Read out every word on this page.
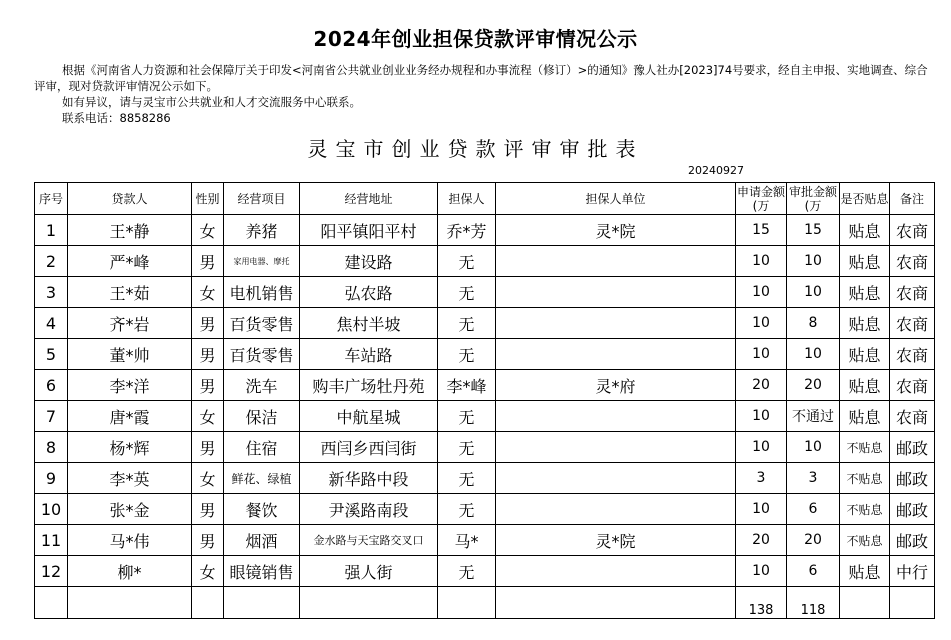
2024年创业担保贷款评审情况公示

根据《河南省人力资源和社会保障厅关于印发<河南省公共就业创业业务经办规程和办事流程（修订）>的通知》豫人社办[2023]74号要求，经自主申报、实地调查、综合评审，现对贷款评审情况公示如下。

如有异议，请与灵宝市公共就业和人才交流服务中心联系。

联系电话：8858286

灵宝市创业贷款评审审批表
20240927
序号	贷款人	性别	经营项目	经营地址	担保人	担保人单位	申请金额(万	审批金额(万	是否贴息	备注
1	王*静	女	养猪	阳平镇阳平村	乔*芳	灵*院	15	15	贴息	农商
2	严*峰	男	家用电器、摩托	建设路	无		10	10	贴息	农商
3	王*茹	女	电机销售	弘农路	无		10	10	贴息	农商
4	齐*岩	男	百货零售	焦村半坡	无		10	8	贴息	农商
5	董*帅	男	百货零售	车站路	无		10	10	贴息	农商
6	李*洋	男	洗车	购丰广场牡丹苑	李*峰	灵*府	20	20	贴息	农商
7	唐*霞	女	保洁	中航星城	无		10	不通过	贴息	农商
8	杨*辉	男	住宿	西闫乡西闫街	无		10	10	不贴息	邮政
9	李*英	女	鲜花、绿植	新华路中段	无		3	3	不贴息	邮政
10	张*金	男	餐饮	尹溪路南段	无		10	6	不贴息	邮政
11	马*伟	男	烟酒	金水路与天宝路交叉口	马*	灵*院	20	20	不贴息	邮政
12	柳*	女	眼镜销售	强人街	无		10	6	贴息	中行
							138	118		
